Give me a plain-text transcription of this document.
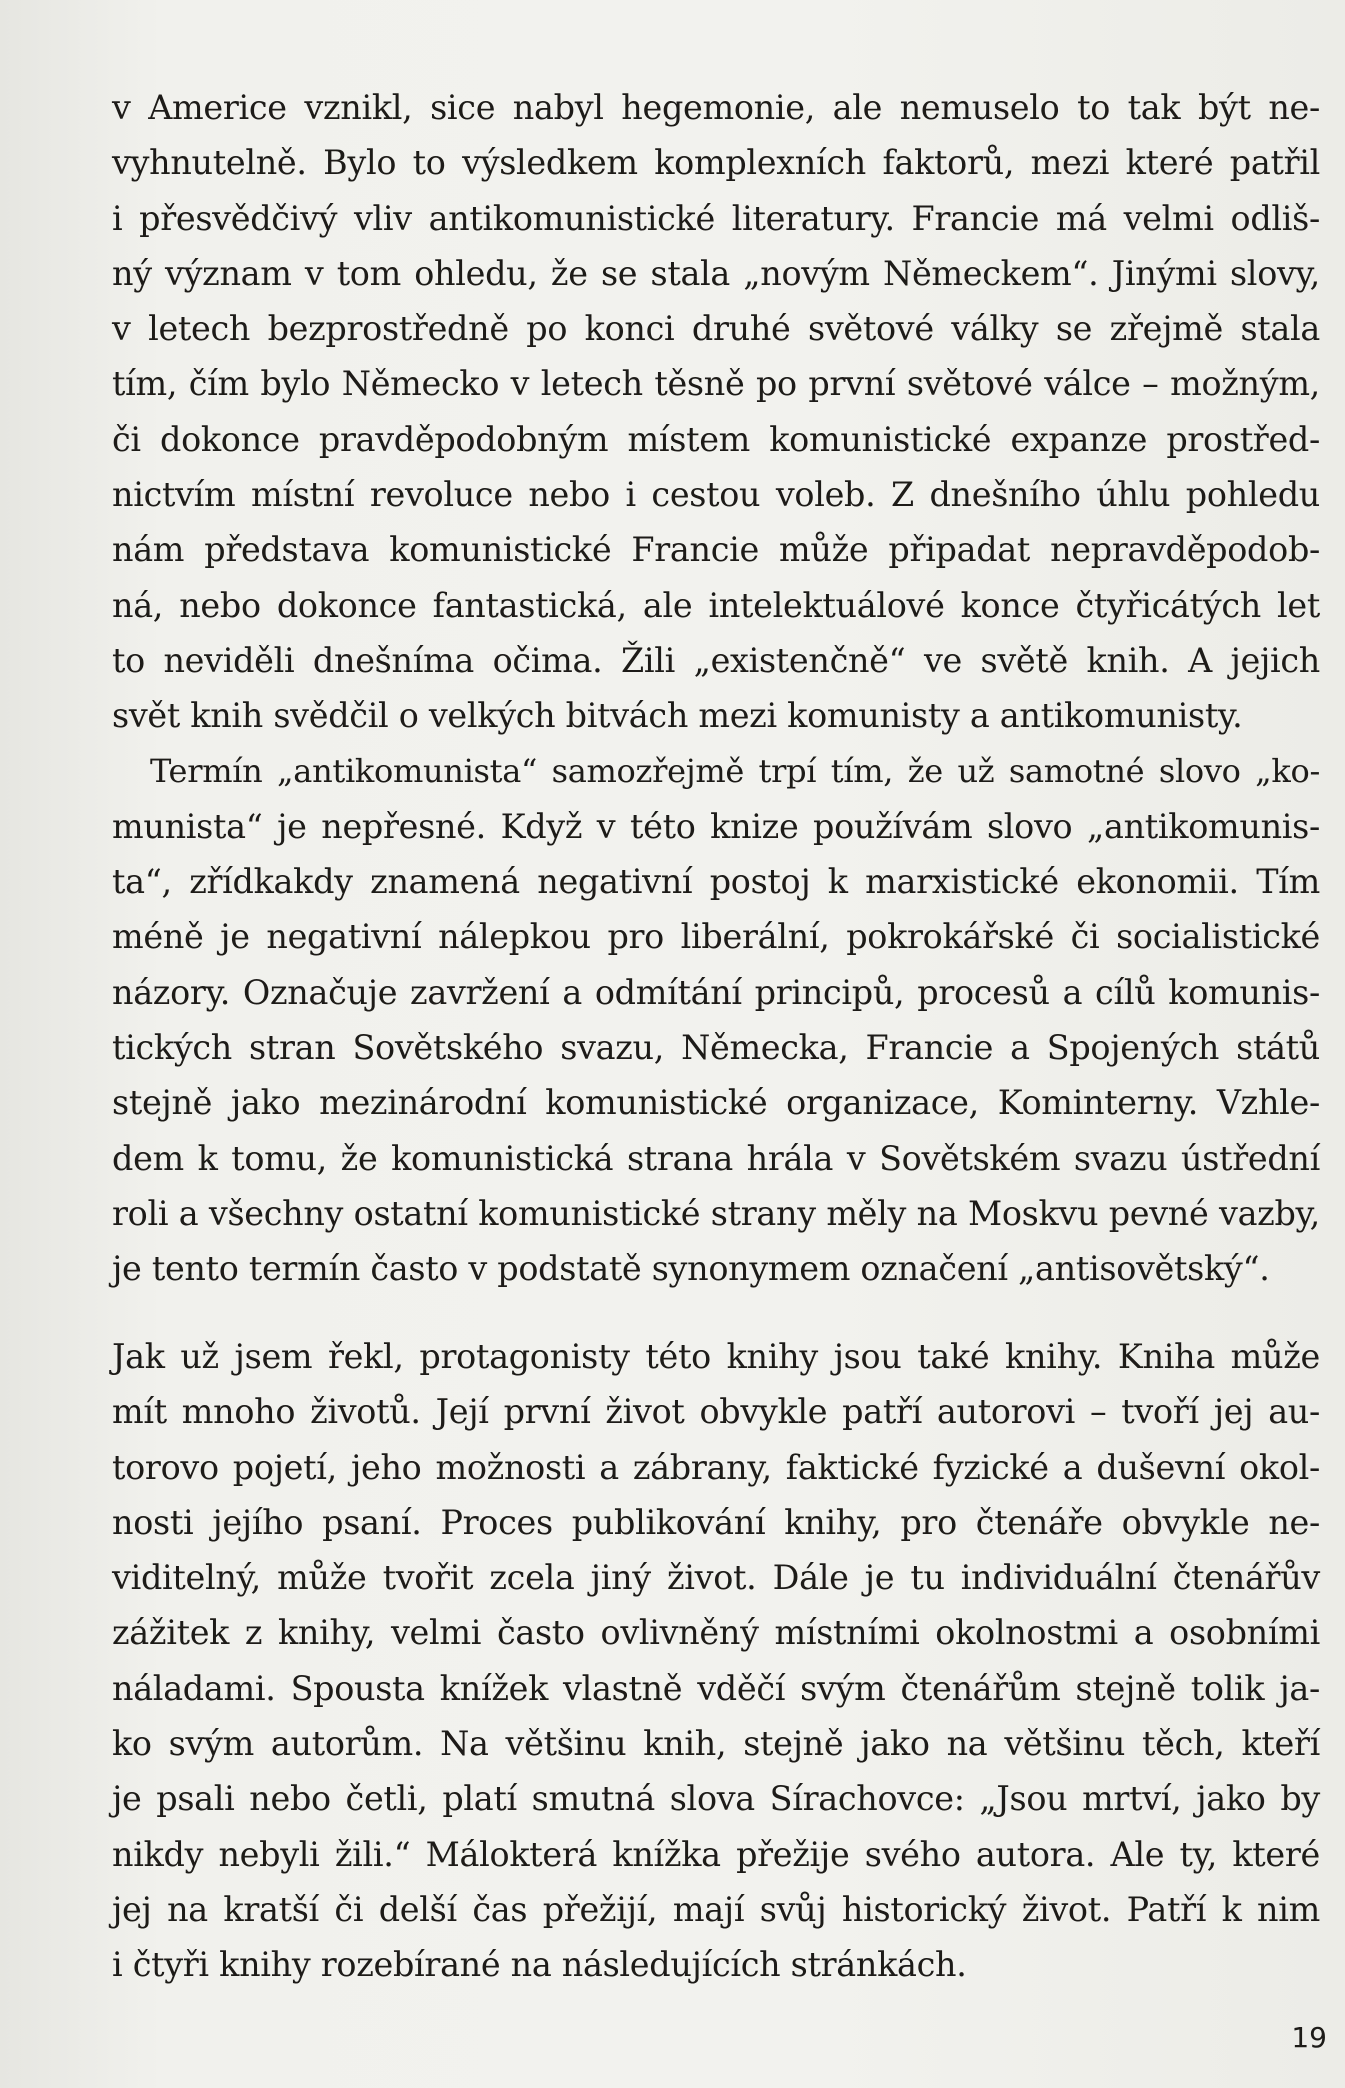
v Americe vznikl, sice nabyl hegemonie, ale nemuselo to tak být ne-
vyhnutelně. Bylo to výsledkem komplexních faktorů, mezi které patřil
i přesvědčivý vliv antikomunistické literatury. Francie má velmi odliš-
ný význam v tom ohledu, že se stala „novým Německem“. Jinými slovy,
v letech bezprostředně po konci druhé světové války se zřejmě stala
tím, čím bylo Německo v letech těsně po první světové válce – možným,
či dokonce pravděpodobným místem komunistické expanze prostřed-
nictvím místní revoluce nebo i cestou voleb. Z dnešního úhlu pohledu
nám představa komunistické Francie může připadat nepravděpodob-
ná, nebo dokonce fantastická, ale intelektuálové konce čtyřicátých let
to neviděli dnešníma očima. Žili „existenčně“ ve světě knih. A jejich
svět knih svědčil o velkých bitvách mezi komunisty a antikomunisty.
Termín „antikomunista“ samozřejmě trpí tím, že už samotné slovo „ko-
munista“ je nepřesné. Když v této knize používám slovo „antikomunis-
ta“, zřídkakdy znamená negativní postoj k marxistické ekonomii. Tím
méně je negativní nálepkou pro liberální, pokrokářské či socialistické
názory. Označuje zavržení a odmítání principů, procesů a cílů komunis-
tických stran Sovětského svazu, Německa, Francie a Spojených států
stejně jako mezinárodní komunistické organizace, Kominterny. Vzhle-
dem k tomu, že komunistická strana hrála v Sovětském svazu ústřední
roli a všechny ostatní komunistické strany měly na Moskvu pevné vazby,
je tento termín často v podstatě synonymem označení „antisovětský“.
Jak už jsem řekl, protagonisty této knihy jsou také knihy. Kniha může
mít mnoho životů. Její první život obvykle patří autorovi – tvoří jej au-
torovo pojetí, jeho možnosti a zábrany, faktické fyzické a duševní okol-
nosti jejího psaní. Proces publikování knihy, pro čtenáře obvykle ne-
viditelný, může tvořit zcela jiný život. Dále je tu individuální čtenářův
zážitek z knihy, velmi často ovlivněný místními okolnostmi a osobními
náladami. Spousta knížek vlastně vděčí svým čtenářům stejně tolik ja-
ko svým autorům. Na většinu knih, stejně jako na většinu těch, kteří
je psali nebo četli, platí smutná slova Sírachovce: „Jsou mrtví, jako by
nikdy nebyli žili.“ Málokterá knížka přežije svého autora. Ale ty, které
jej na kratší či delší čas přežijí, mají svůj historický život. Patří k nim
i čtyři knihy rozebírané na následujících stránkách.
19
